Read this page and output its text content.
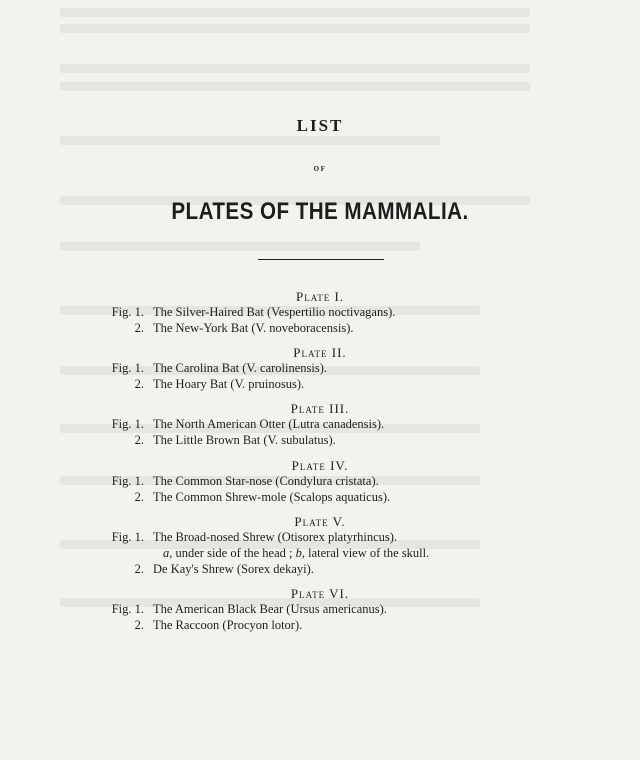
LIST
OF
PLATES OF THE MAMMALIA.
Plate I.
Fig. 1. The Silver-Haired Bat (Vespertilio noctivagans).
2. The New-York Bat (V. noveboracensis).
Plate II.
Fig. 1. The Carolina Bat (V. carolinensis).
2. The Hoary Bat (V. pruinosus).
Plate III.
Fig. 1. The North American Otter (Lutra canadensis).
2. The Little Brown Bat (V. subulatus).
Plate IV.
Fig. 1. The Common Star-nose (Condylura cristata).
2. The Common Shrew-mole (Scalops aquaticus).
Plate V.
Fig. 1. The Broad-nosed Shrew (Otisorex platyrhincus).
a, under side of the head ; b, lateral view of the skull.
2. De Kay's Shrew (Sorex dekayi).
Plate VI.
Fig. 1. The American Black Bear (Ursus americanus).
2. The Raccoon (Procyon lotor).
